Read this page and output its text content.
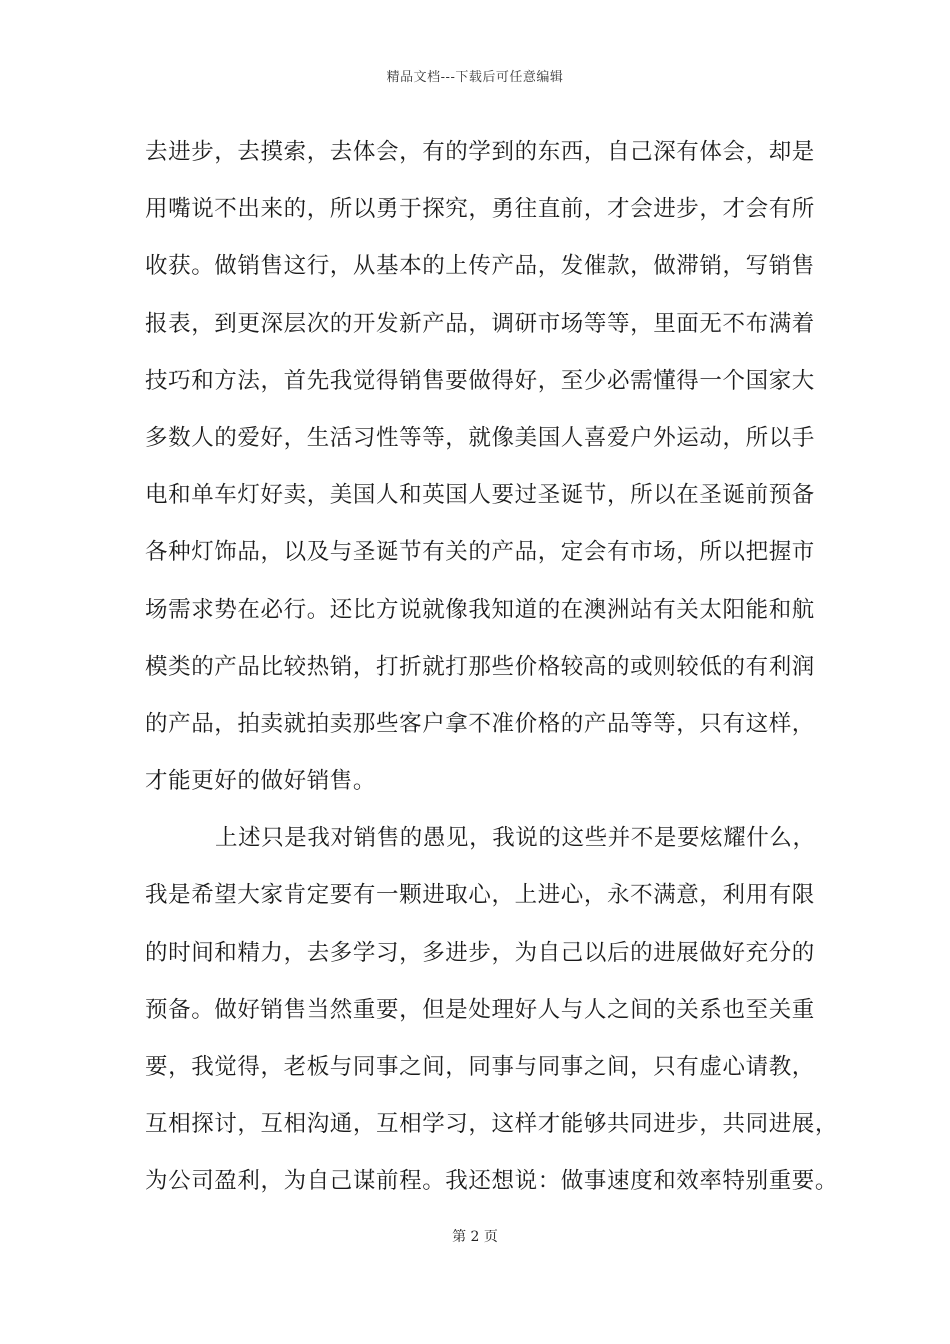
精品文档---下载后可任意编辑
去进步，去摸索，去体会，有的学到的东西，自己深有体会，却是
用嘴说不出来的，所以勇于探究，勇往直前，才会进步，才会有所
收获。做销售这行，从基本的上传产品，发催款，做滞销，写销售
报表，到更深层次的开发新产品，调研市场等等，里面无不布满着
技巧和方法，首先我觉得销售要做得好，至少必需懂得一个国家大
多数人的爱好，生活习性等等，就像美国人喜爱户外运动，所以手
电和单车灯好卖，美国人和英国人要过圣诞节，所以在圣诞前预备
各种灯饰品，以及与圣诞节有关的产品，定会有市场，所以把握市
场需求势在必行。还比方说就像我知道的在澳洲站有关太阳能和航
模类的产品比较热销，打折就打那些价格较高的或则较低的有利润
的产品，拍卖就拍卖那些客户拿不准价格的产品等等，只有这样，
才能更好的做好销售。
上述只是我对销售的愚见，我说的这些并不是要炫耀什么，
我是希望大家肯定要有一颗进取心，上进心，永不满意，利用有限
的时间和精力，去多学习，多进步，为自己以后的进展做好充分的
预备。做好销售当然重要，但是处理好人与人之间的关系也至关重
要，我觉得，老板与同事之间，同事与同事之间，只有虚心请教，
互相探讨，互相沟通，互相学习，这样才能够共同进步，共同进展，
为公司盈利，为自己谋前程。我还想说：做事速度和效率特别重要。
第 2 页
